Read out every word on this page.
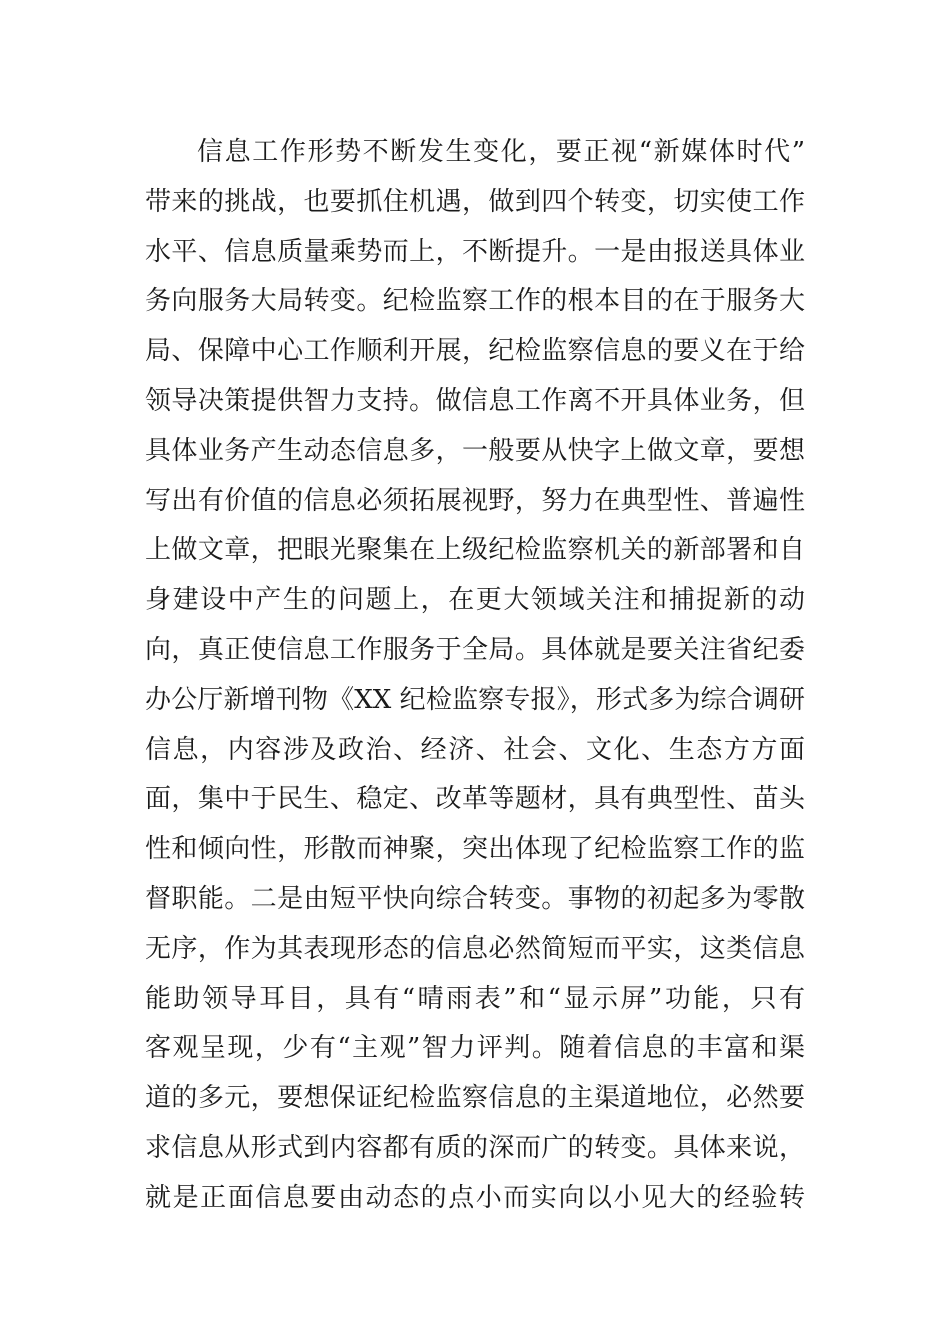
信息工作形势不断发生变化，要正视“新媒体时代”
带来的挑战，也要抓住机遇，做到四个转变，切实使工作
水平、信息质量乘势而上，不断提升。一是由报送具体业
务向服务大局转变。纪检监察工作的根本目的在于服务大
局、保障中心工作顺利开展，纪检监察信息的要义在于给
领导决策提供智力支持。做信息工作离不开具体业务，但
具体业务产生动态信息多，一般要从快字上做文章，要想
写出有价值的信息必须拓展视野，努力在典型性、普遍性
上做文章，把眼光聚集在上级纪检监察机关的新部署和自
身建设中产生的问题上，在更大领域关注和捕捉新的动
向，真正使信息工作服务于全局。具体就是要关注省纪委
办公厅新增刊物《XX 纪检监察专报》，形式多为综合调研
信息，内容涉及政治、经济、社会、文化、生态方方面
面，集中于民生、稳定、改革等题材，具有典型性、苗头
性和倾向性，形散而神聚，突出体现了纪检监察工作的监
督职能。二是由短平快向综合转变。事物的初起多为零散
无序，作为其表现形态的信息必然简短而平实，这类信息
能助领导耳目，具有“晴雨表”和“显示屏”功能，只有
客观呈现，少有“主观”智力评判。随着信息的丰富和渠
道的多元，要想保证纪检监察信息的主渠道地位，必然要
求信息从形式到内容都有质的深而广的转变。具体来说，
就是正面信息要由动态的点小而实向以小见大的经验转
